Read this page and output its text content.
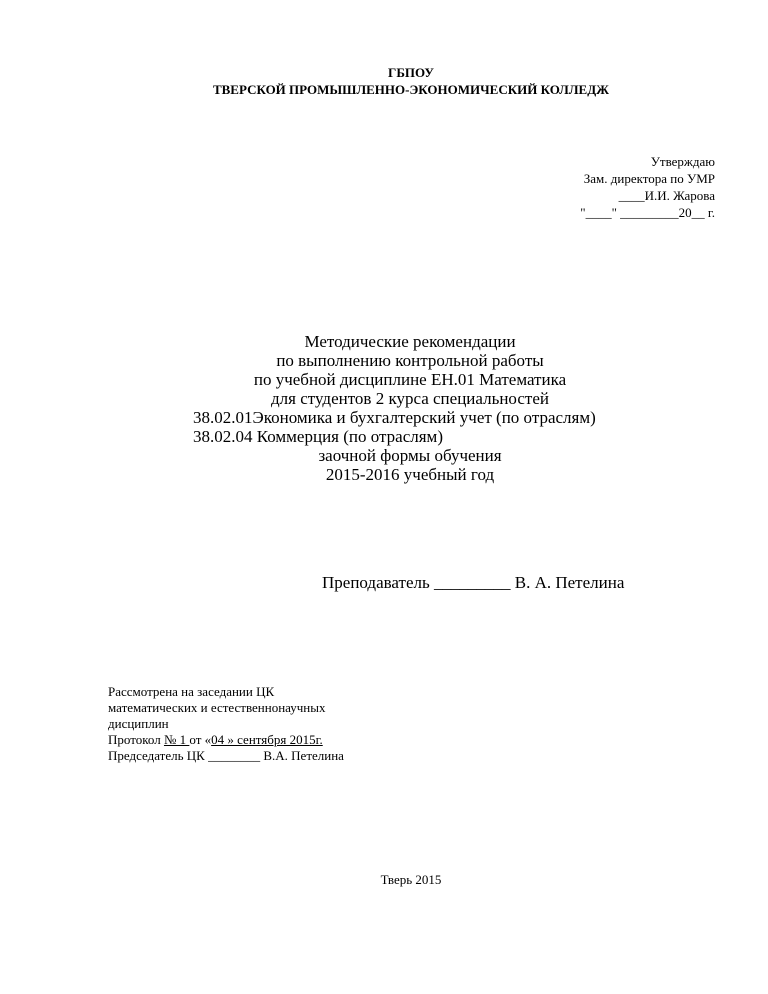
ГБПОУ
ТВЕРСКОЙ ПРОМЫШЛЕННО-ЭКОНОМИЧЕСКИЙ КОЛЛЕДЖ
Утверждаю
Зам. директора по УМР
____И.И. Жарова
"____" _________20__ г.
Методические рекомендации
по выполнению контрольной работы
по учебной дисциплине ЕН.01 Математика
для студентов 2 курса специальностей
38.02.01Экономика и бухгалтерский учет (по отраслям)
38.02.04 Коммерция (по отраслям)
заочной формы обучения
2015-2016 учебный год
Преподаватель _________ В. А. Петелина
Рассмотрена на заседании ЦК
математических и естественнонаучных
дисциплин
Протокол № 1 от «04 » сентября 2015г.
Председатель ЦК ________ В.А. Петелина
Тверь 2015
